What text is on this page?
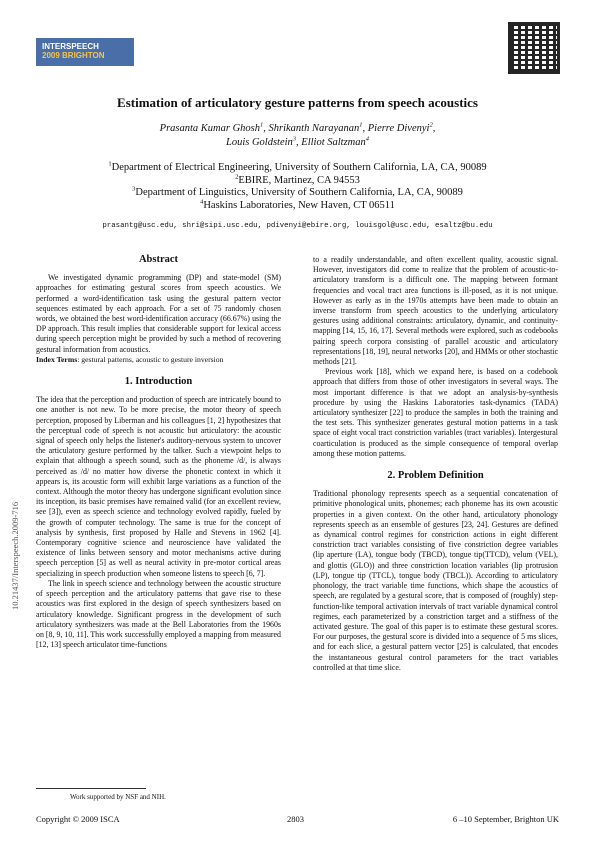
INTERSPEECH
2009 BRIGHTON
Estimation of articulatory gesture patterns from speech acoustics
Prasanta Kumar Ghosh$^1$, Shrikanth Narayanan$^1$, Pierre Divenyi$^2$,
Louis Goldstein$^3$, Elliot Saltzman$^4$
$^1$Department of Electrical Engineering, University of Southern California, LA, CA, 90089
$^2$EBIRE, Martinez, CA 94553
$^3$Department of Linguistics, University of Southern California, LA, CA, 90089
$^4$Haskins Laboratories, New Haven, CT 06511
prasantg@usc.edu, shri@sipi.usc.edu, pdivenyi@ebire.org, louisgol@usc.edu, esaltz@bu.edu
10.21437/Interspeech.2009-716
Abstract

We investigated dynamic programming (DP) and state-model (SM) approaches for estimating gestural scores from speech acoustics. We performed a word-identification task using the gestural pattern vector sequences estimated by each approach. For a set of 75 randomly chosen words, we obtained the best word-identification accuracy (66.67%) using the DP approach. This result implies that considerable support for lexical access during speech perception might be provided by such a method of recovering gestural information from acoustics.

Index Terms: gestural patterns, acoustic to gesture inversion

1. Introduction

The idea that the perception and production of speech are intricately bound to one another is not new. To be more precise, the motor theory of speech perception, proposed by Liberman and his colleagues [1, 2] hypothesizes that the perceptual code of speech is not acoustic but articulatory: the acoustic signal of speech only helps the listener's auditory-nervous system to uncover the articulatory gesture performed by the talker. Such a viewpoint helps to explain that although a speech sound, such as the phoneme /d/, is always perceived as /d/ no matter how diverse the phonetic context in which it appears is, its acoustic form will exhibit large variations as a function of the context. Although the motor theory has undergone significant evolution since its inception, its basic premises have remained valid (for an excellent review, see [3]), even as speech science and technology evolved rapidly, fueled by the growth of computer technology. The same is true for the concept of analysis by synthesis, first proposed by Halle and Stevens in 1962 [4]. Contemporary cognitive science and neuroscience have validated the existence of links between sensory and motor mechanisms active during speech perception [5] as well as neural activity in pre-motor cortical areas specializing in speech production when someone listens to speech [6, 7].

The link in speech science and technology between the acoustic structure of speech perception and the articulatory patterns that gave rise to these acoustics was first explored in the design of speech synthesizers based on articulatory knowledge. Significant progress in the development of such articulatory synthesizers was made at the Bell Laboratories from the 1960s on [8, 9, 10, 11]. This work successfully employed a mapping from measured [12, 13] speech articulator time-functions

to a readily understandable, and often excellent quality, acoustic signal. However, investigators did come to realize that the problem of acoustic-to-articulatory transform is a difficult one. The mapping between formant frequencies and vocal tract area functions is ill-posed, as it is not unique. However as early as in the 1970s attempts have been made to obtain an inverse transform from speech acoustics to the underlying articulatory gestures using additional constraints: articulatory, dynamic, and continuity-mapping [14, 15, 16, 17]. Several methods were explored, such as codebooks pairing speech corpora consisting of parallel acoustic and articulatory representations [18, 19], neural networks [20], and HMMs or other stochastic methods [21].

Previous work [18], which we expand here, is based on a codebook approach that differs from those of other investigators in several ways. The most important difference is that we adopt an analysis-by-synthesis procedure by using the Haskins Laboratories task-dynamics (TADA) articulatory synthesizer [22] to produce the samples in both the training and the test sets. This synthesizer generates gestural motion patterns in a task space of eight vocal tract constriction variables (tract variables). Intergestural coarticulation is produced as the simple consequence of temporal overlap among these motion patterns.

2. Problem Definition

Traditional phonology represents speech as a sequential concatenation of primitive phonological units, phonemes; each phoneme has its own acoustic properties in a given context. On the other hand, articulatory phonology represents speech as an ensemble of gestures [23, 24]. Gestures are defined as dynamical control regimes for constriction actions in eight different constriction tract variables consisting of five constriction degree variables (lip aperture (LA), tongue body (TBCD), tongue tip(TTCD), velum (VEL), and glottis (GLO)) and three constriction location variables (lip protrusion (LP), tongue tip (TTCL), tongue body (TBCL)). According to articulatory phonology, the tract variable time functions, which shape the acoustics of speech, are regulated by a gestural score, that is composed of (roughly) step-function-like temporal activation intervals of tract variable dynamical control regimes, each parameterized by a constriction target and a stiffness of the activated gesture. The goal of this paper is to estimate these gestural scores. For our purposes, the gestural score is divided into a sequence of 5 ms slices, and for each slice, a gestural pattern vector [25] is calculated, that encodes the instantaneous gestural control parameters for the tract variables controlled at that time slice.

Work supported by NSF and NIH.
Copyright © 2009 ISCA	2803	6 –10 September, Brighton UK
